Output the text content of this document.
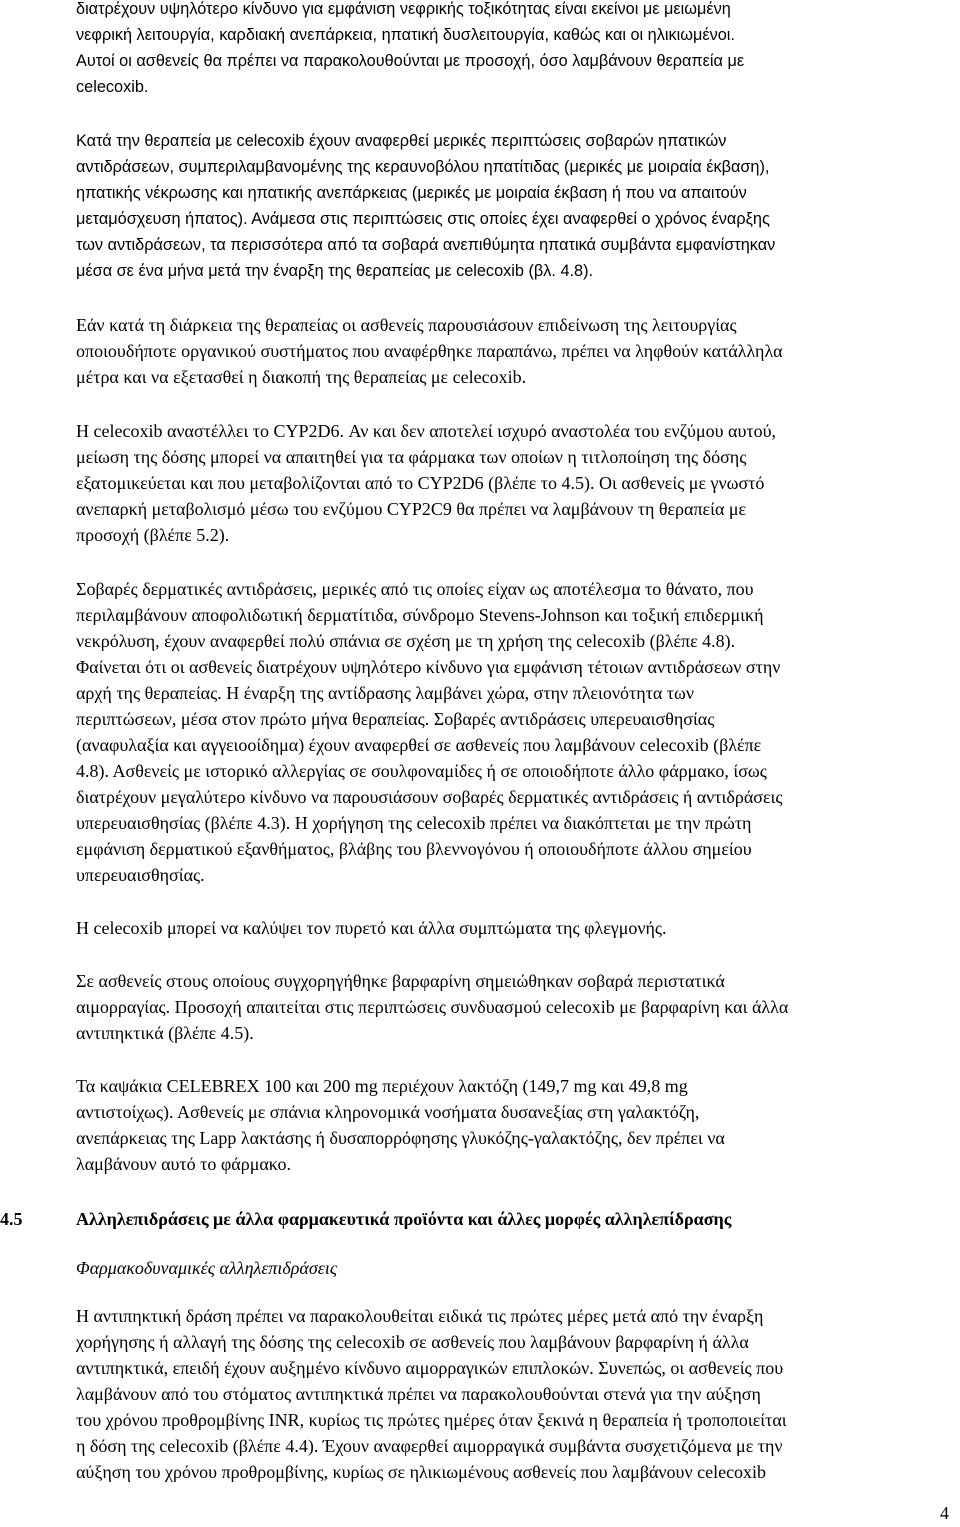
διατρέχουν υψηλότερο κίνδυνο για εμφάνιση νεφρικής τοξικότητας είναι εκείνοι με μειωμένη
νεφρική λειτουργία, καρδιακή ανεπάρκεια, ηπατική δυσλειτουργία, καθώς και οι ηλικιωμένοι.
Αυτοί οι ασθενείς θα πρέπει να παρακολουθούνται με προσοχή, όσο λαμβάνουν θεραπεία με
celecoxib.
Κατά την θεραπεία με celecoxib έχουν αναφερθεί μερικές περιπτώσεις σοβαρών ηπατικών
αντιδράσεων, συμπεριλαμβανομένης της κεραυνοβόλου ηπατίτιδας (μερικές με μοιραία έκβαση),
ηπατικής νέκρωσης και ηπατικής ανεπάρκειας (μερικές με μοιραία έκβαση ή που να απαιτούν
μεταμόσχευση ήπατος). Ανάμεσα στις περιπτώσεις στις οποίες έχει αναφερθεί ο χρόνος έναρξης
των αντιδράσεων, τα περισσότερα από τα σοβαρά ανεπιθύμητα ηπατικά συμβάντα εμφανίστηκαν
μέσα σε ένα μήνα μετά την έναρξη της θεραπείας με celecoxib (βλ. 4.8).
Εάν κατά τη διάρκεια της θεραπείας οι ασθενείς παρουσιάσουν επιδείνωση της λειτουργίας
οποιουδήποτε οργανικού συστήματος που αναφέρθηκε παραπάνω, πρέπει να ληφθούν κατάλληλα
μέτρα και να εξετασθεί η διακοπή της θεραπείας με celecoxib.
Η celecoxib αναστέλλει το CYP2D6. Αν και δεν αποτελεί ισχυρό αναστολέα του ενζύμου αυτού,
μείωση της δόσης μπορεί να απαιτηθεί για τα φάρμακα των οποίων η τιτλοποίηση της δόσης
εξατομικεύεται και που μεταβολίζονται από το CYP2D6 (βλέπε το 4.5). Οι ασθενείς με γνωστό
ανεπαρκή μεταβολισμό μέσω του ενζύμου CYP2C9 θα πρέπει να λαμβάνουν τη θεραπεία με
προσοχή (βλέπε 5.2).
Σοβαρές δερματικές αντιδράσεις, μερικές από τις οποίες είχαν ως αποτέλεσμα το θάνατο, που
περιλαμβάνουν αποφολιδωτική δερματίτιδα, σύνδρομο Stevens-Johnson και τοξική επιδερμική
νεκρόλυση, έχουν αναφερθεί πολύ σπάνια σε σχέση με τη χρήση της celecoxib (βλέπε 4.8).
Φαίνεται ότι οι ασθενείς διατρέχουν υψηλότερο κίνδυνο για εμφάνιση τέτοιων αντιδράσεων στην
αρχή της θεραπείας. Η έναρξη της αντίδρασης λαμβάνει χώρα, στην πλειονότητα των
περιπτώσεων, μέσα στον πρώτο μήνα θεραπείας. Σοβαρές αντιδράσεις υπερευαισθησίας
(αναφυλαξία και αγγειοοίδημα) έχουν αναφερθεί σε ασθενείς που λαμβάνουν celecoxib (βλέπε
4.8). Ασθενείς με ιστορικό αλλεργίας σε σουλφοναμίδες ή σε οποιοδήποτε άλλο φάρμακο, ίσως
διατρέχουν μεγαλύτερο κίνδυνο να παρουσιάσουν σοβαρές δερματικές αντιδράσεις ή αντιδράσεις
υπερευαισθησίας (βλέπε 4.3). Η χορήγηση της celecoxib πρέπει να διακόπτεται με την πρώτη
εμφάνιση δερματικού εξανθήματος, βλάβης του βλεννογόνου ή οποιουδήποτε άλλου σημείου
υπερευαισθησίας.
Η celecoxib μπορεί να καλύψει τον πυρετό και άλλα συμπτώματα της φλεγμονής.
Σε ασθενείς στους οποίους συγχορηγήθηκε βαρφαρίνη σημειώθηκαν σοβαρά περιστατικά
αιμορραγίας. Προσοχή απαιτείται στις περιπτώσεις συνδυασμού celecoxib με βαρφαρίνη και άλλα
αντιπηκτικά (βλέπε 4.5).
Τα καψάκια CELEBREX 100 και 200 mg περιέχουν λακτόζη (149,7 mg και 49,8 mg
αντιστοίχως). Ασθενείς με σπάνια κληρονομικά νοσήματα δυσανεξίας στη γαλακτόζη,
ανεπάρκειας της Lapp λακτάσης ή δυσαπορρόφησης γλυκόζης-γαλακτόζης, δεν πρέπει να
λαμβάνουν αυτό το φάρμακο.
4.5	Αλληλεπιδράσεις με άλλα φαρμακευτικά προϊόντα και άλλες μορφές αλληλεπίδρασης
Φαρμακοδυναμικές αλληλεπιδράσεις
Η αντιπηκτική δράση πρέπει να παρακολουθείται ειδικά τις πρώτες μέρες μετά από την έναρξη
χορήγησης ή αλλαγή της δόσης της celecoxib σε ασθενείς που λαμβάνουν βαρφαρίνη ή άλλα
αντιπηκτικά, επειδή έχουν αυξημένο κίνδυνο αιμορραγικών επιπλοκών. Συνεπώς, οι ασθενείς που
λαμβάνουν από του στόματος αντιπηκτικά πρέπει να παρακολουθούνται στενά για την αύξηση
του χρόνου προθρομβίνης INR, κυρίως τις πρώτες ημέρες όταν ξεκινά η θεραπεία ή τροποποιείται
η δόση της celecoxib (βλέπε 4.4). Έχουν αναφερθεί αιμορραγικά συμβάντα συσχετιζόμενα με την
αύξηση του χρόνου προθρομβίνης, κυρίως σε ηλικιωμένους ασθενείς που λαμβάνουν celecoxib
4
